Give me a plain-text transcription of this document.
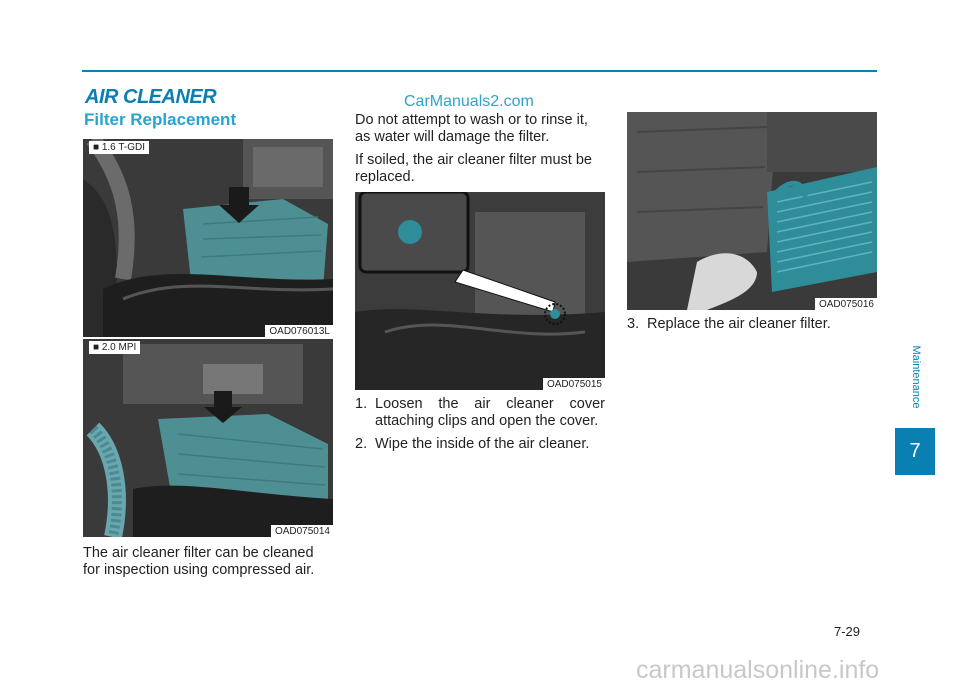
AIR CLEANER	CarManuals2.com
Filter Replacement
■ 1.6 T-GDI
OAD076013L
■ 2.0 MPI
OAD075014

The air cleaner filter can be cleaned for inspection using compressed air.

Do not attempt to wash or to rinse it, as water will damage the filter.

If soiled, the air cleaner filter must be replaced.

OAD075015
1. Loosen the air cleaner cover attaching clips and open the cover.
2. Wipe the inside of the air cleaner.
OAD075016
3. Replace the air cleaner filter.
Maintenance
7
7-29
carmanualsonline.info
